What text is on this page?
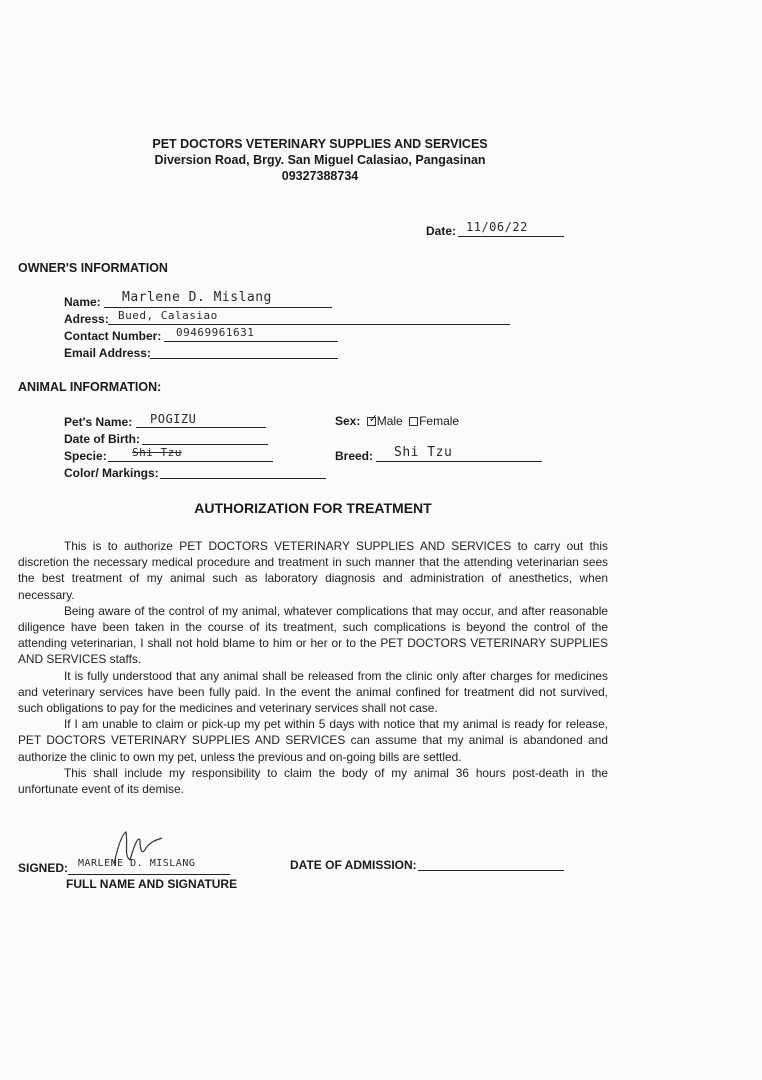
PET DOCTORS VETERINARY SUPPLIES AND SERVICES
Diversion Road, Brgy. San Miguel Calasiao, Pangasinan
09327388734
Date: 11/06/22
OWNER'S INFORMATION
Name: Marlene D. Mislang
Adress: Bued, Calasiao
Contact Number: 09469961631
Email Address:
ANIMAL INFORMATION:
Pet's Name: POGIZU
Date of Birth:
Specie: Shi Tzu
Color/ Markings:
Sex: ✓
Male Female
Breed: Shi Tzu
AUTHORIZATION FOR TREATMENT

This is to authorize PET DOCTORS VETERINARY SUPPLIES AND SERVICES to carry out this discretion the necessary medical procedure and treatment in such manner that the attending veterinarian sees the best treatment of my animal such as laboratory diagnosis and administration of anesthetics, when necessary.

Being aware of the control of my animal, whatever complications that may occur, and after reasonable diligence have been taken in the course of its treatment, such complications is beyond the control of the attending veterinarian, I shall not hold blame to him or her or to the PET DOCTORS VETERINARY SUPPLIES AND SERVICES staffs.

It is fully understood that any animal shall be released from the clinic only after charges for medicines and veterinary services have been fully paid. In the event the animal confined for treatment did not survived, such obligations to pay for the medicines and veterinary services shall not case.

If I am unable to claim or pick-up my pet within 5 days with notice that my animal is ready for release, PET DOCTORS VETERINARY SUPPLIES AND SERVICES can assume that my animal is abandoned and authorize the clinic to own my pet, unless the previous and on-going bills are settled.

This shall include my responsibility to claim the body of my animal 36 hours post-death in the unfortunate event of its demise.

SIGNED: MARLENE D. MISLANG
FULL NAME AND SIGNATURE
DATE OF ADMISSION:
